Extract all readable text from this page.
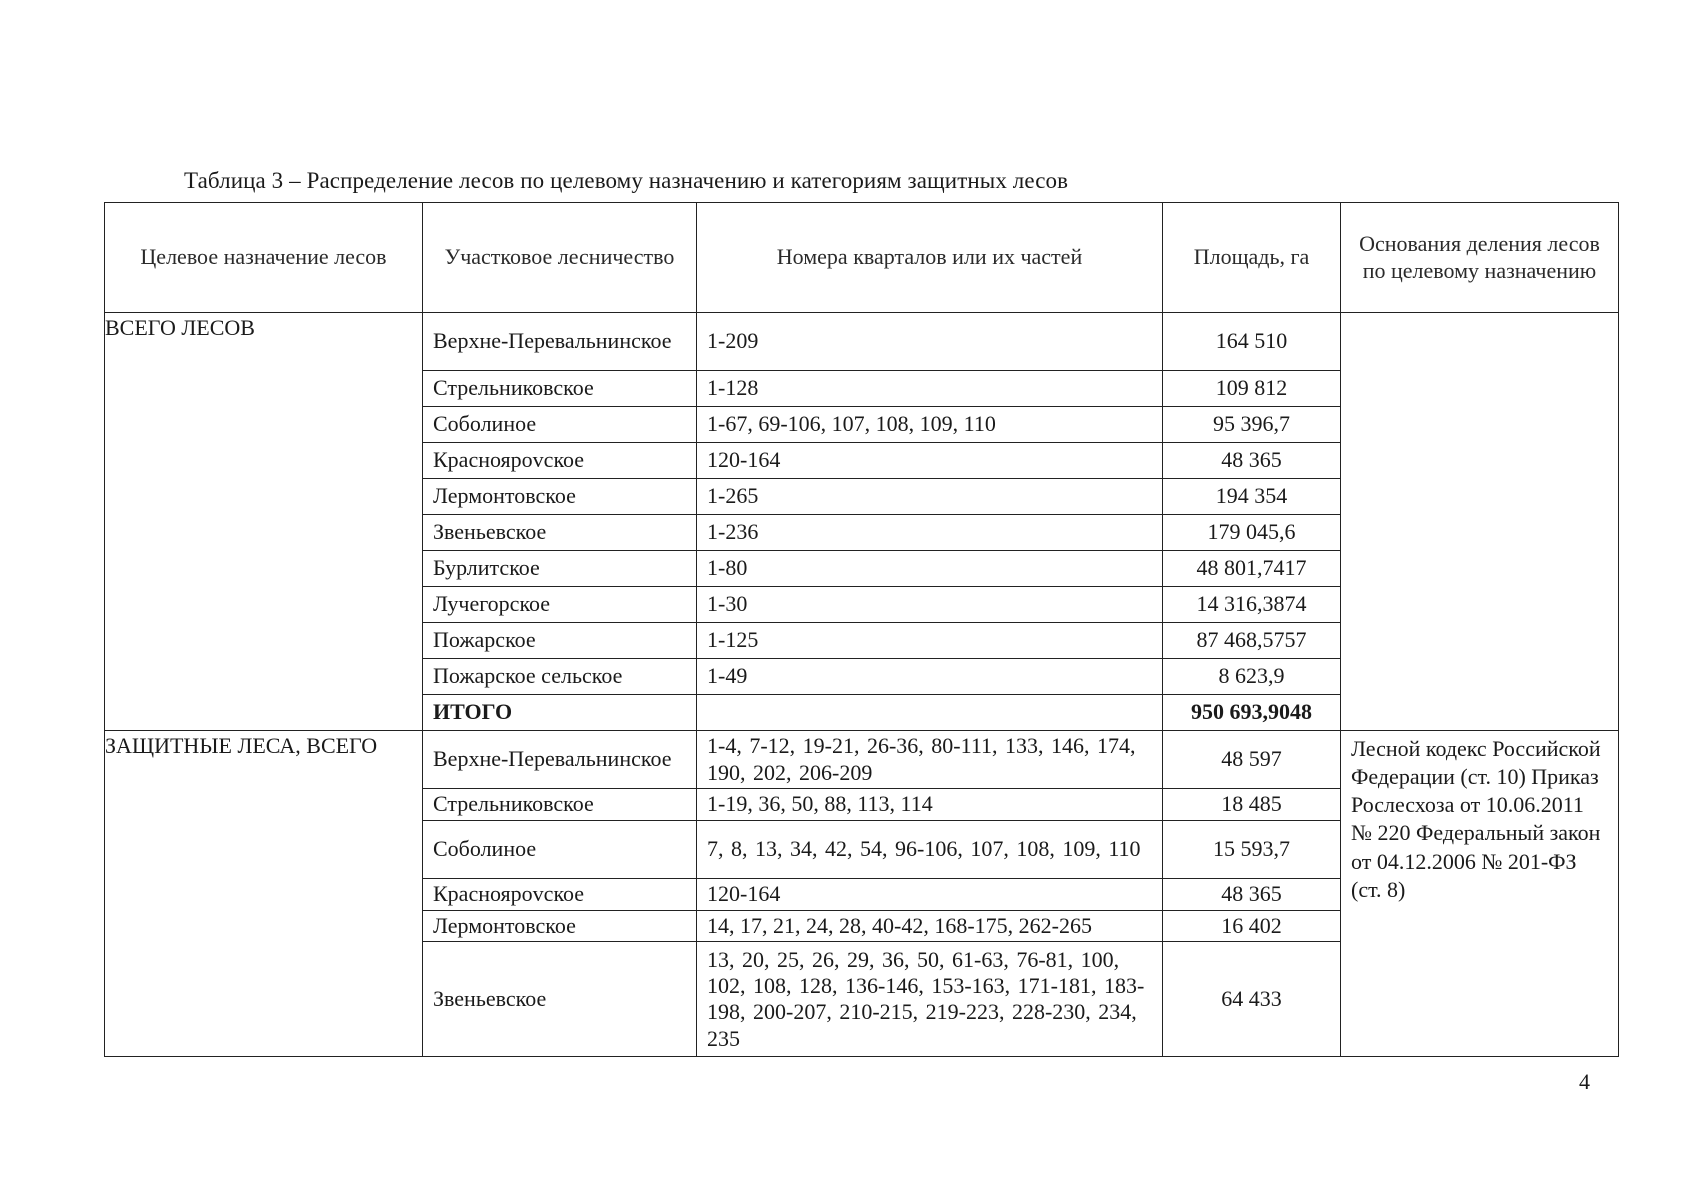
Таблица 3 – Распределение лесов по целевому назначению и категориям защитных лесов
Целевое назначение лесов	Участковое лесничество	Номера кварталов или их частей	Площадь, га	Основания деления лесов по целевому назначению
ВСЕГО ЛЕСОВ	Верхне-Перевальнинское	1-209	164 510	
	Стрельниковское	1-128	109 812	
	Соболиное	1-67, 69-106, 107, 108, 109, 110	95 396,7	
	Красноярovское	120-164	48 365	
	Лермонтовское	1-265	194 354	
	Звеньевское	1-236	179 045,6	
	Бурлитское	1-80	48 801,7417	
	Лучегорское	1-30	14 316,3874	
	Пожарское	1-125	87 468,5757	
	Пожарское сельское	1-49	8 623,9	
	ИТОГО		950 693,9048	
ЗАЩИТНЫЕ ЛЕСА, ВСЕГО	Верхне-Перевальнинское	1-4, 7-12, 19-21, 26-36, 80-111, 133, 146, 174, 190, 202, 206-209	48 597	Лесной кодекс Российской Федерации (ст. 10) Приказ Рослесхоза от 10.06.2011 № 220 Федеральный закон от 04.12.2006 № 201-ФЗ (ст. 8)
	Стрельниковское	1-19, 36, 50, 88, 113, 114	18 485	
	Соболиное	7, 8, 13, 34, 42, 54, 96-106, 107, 108, 109, 110	15 593,7	
	Красноярovское	120-164	48 365	
	Лермонтовское	14, 17, 21, 24, 28, 40-42, 168-175, 262-265	16 402	
	Звеньевское	13, 20, 25, 26, 29, 36, 50, 61-63, 76-81, 100, 102, 108, 128, 136-146, 153-163, 171-181, 183-198, 200-207, 210-215, 219-223, 228-230, 234, 235	64 433	
4
